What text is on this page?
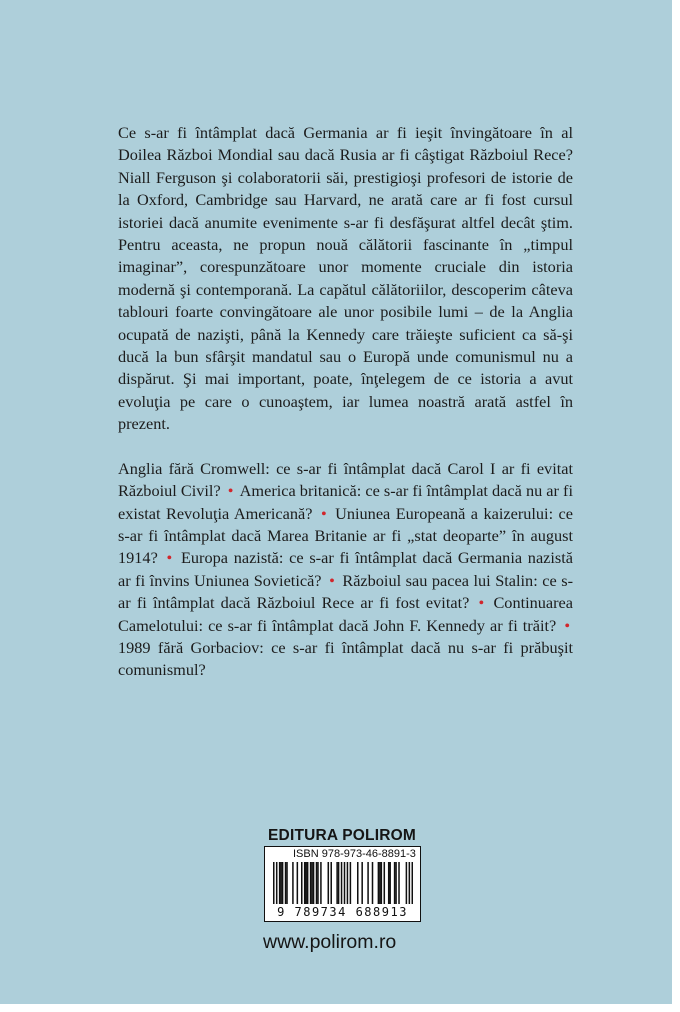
Ce s-ar fi întâmplat dacă Germania ar fi ieşit învingătoare în al Doilea Război Mondial sau dacă Rusia ar fi câştigat Războiul Rece? Niall Ferguson şi colaboratorii săi, prestigioşi profesori de istorie de la Oxford, Cambridge sau Harvard, ne arată care ar fi fost cursul istoriei dacă anumite evenimente s-ar fi desfăşurat altfel decât ştim. Pentru aceasta, ne propun nouă călătorii fascinante în „timpul imaginar”, corespunzătoare unor momente cruciale din istoria modernă şi contemporană. La capătul călătoriilor, descoperim câteva tablouri foarte convingătoare ale unor posibile lumi – de la Anglia ocupată de nazişti, până la Kennedy care trăieşte suficient ca să-şi ducă la bun sfârşit mandatul sau o Europă unde comunismul nu a dispărut. Şi mai important, poate, înţelegem de ce istoria a avut evoluţia pe care o cunoaştem, iar lumea noastră arată astfel în prezent.

Anglia fără Cromwell: ce s-ar fi întâmplat dacă Carol I ar fi evitat Războiul Civil? • America britanică: ce s-ar fi întâmplat dacă nu ar fi existat Revoluţia Americană? • Uniunea Europeană a kaizerului: ce s-ar fi întâmplat dacă Marea Britanie ar fi „stat deoparte” în august 1914? • Europa nazistă: ce s-ar fi întâmplat dacă Germania nazistă ar fi învins Uniunea Sovietică? • Războiul sau pacea lui Stalin: ce s-ar fi întâmplat dacă Războiul Rece ar fi fost evitat? • Continuarea Camelotului: ce s-ar fi întâmplat dacă John F. Kennedy ar fi trăit? • 1989 fără Gorbaciov: ce s-ar fi întâmplat dacă nu s-ar fi prăbuşit comunismul?

EDITURA POLIROM
ISBN 978-973-46-8891-3
9 789734 688913
www.polirom.ro
